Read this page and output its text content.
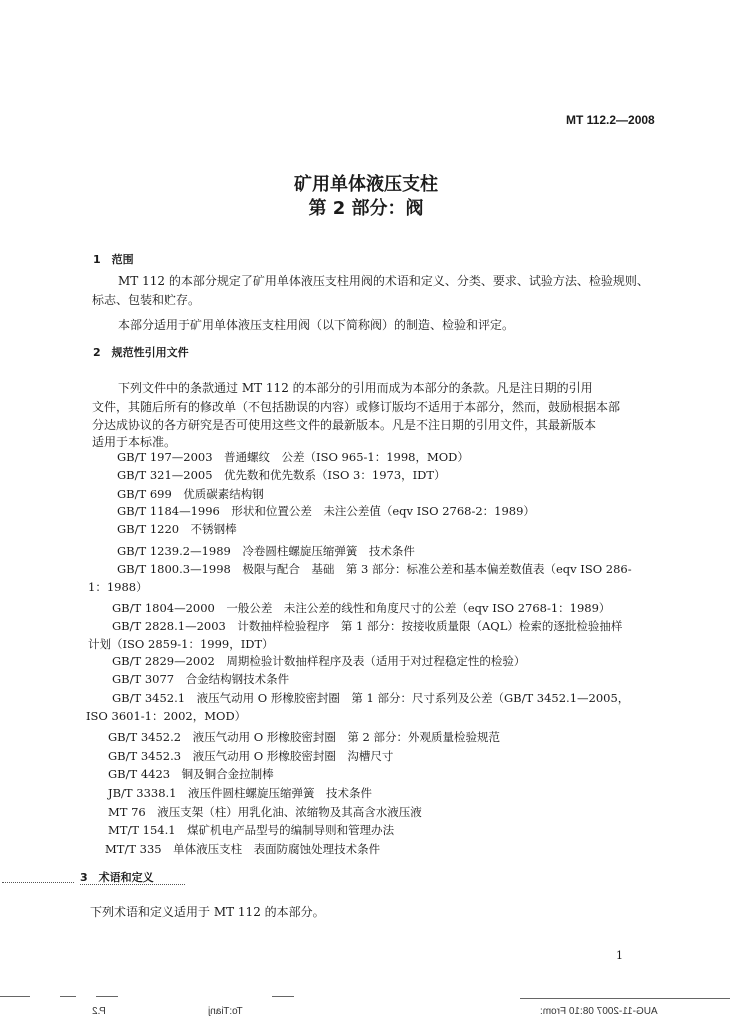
MT 112.2—2008
矿用单体液压支柱
第 2 部分：阀
1　范围
MT 112 的本部分规定了矿用单体液压支柱用阀的术语和定义、分类、要求、试验方法、检验规则、
标志、包装和贮存。
本部分适用于矿用单体液压支柱用阀（以下简称阀）的制造、检验和评定。
2　规范性引用文件
下列文件中的条款通过 MT 112 的本部分的引用而成为本部分的条款。凡是注日期的引用
文件，其随后所有的修改单（不包括勘误的内容）或修订版均不适用于本部分，然而，鼓励根据本部
分达成协议的各方研究是否可使用这些文件的最新版本。凡是不注日期的引用文件，其最新版本
适用于本标准。
GB/T 197—2003　普通螺纹　公差（ISO 965-1：1998，MOD）
GB/T 321—2005　优先数和优先数系（ISO 3：1973，IDT）
GB/T 699　优质碳素结构钢
GB/T 1184—1996　形状和位置公差　未注公差值（eqv ISO 2768-2：1989）
GB/T 1220　不锈钢棒
GB/T 1239.2—1989　冷卷圆柱螺旋压缩弹簧　技术条件
GB/T 1800.3—1998　极限与配合　基础　第 3 部分：标准公差和基本偏差数值表（eqv ISO 286-
1：1988）
GB/T 1804—2000　一般公差　未注公差的线性和角度尺寸的公差（eqv ISO 2768-1：1989）
GB/T 2828.1—2003　计数抽样检验程序　第 1 部分：按接收质量限（AQL）检索的逐批检验抽样
计划（ISO 2859-1：1999，IDT）
GB/T 2829—2002　周期检验计数抽样程序及表（适用于对过程稳定性的检验）
GB/T 3077　合金结构钢技术条件
GB/T 3452.1　液压气动用 O 形橡胶密封圈　第 1 部分：尺寸系列及公差（GB/T 3452.1—2005，
ISO 3601-1：2002，MOD）
GB/T 3452.2　液压气动用 O 形橡胶密封圈　第 2 部分：外观质量检验规范
GB/T 3452.3　液压气动用 O 形橡胶密封圈　沟槽尺寸
GB/T 4423　铜及铜合金拉制棒
JB/T 3338.1　液压件圆柱螺旋压缩弹簧　技术条件
MT 76　液压支架（柱）用乳化油、浓缩物及其高含水液压液
MT/T 154.1　煤矿机电产品型号的编制导则和管理办法
MT/T 335　单体液压支柱　表面防腐蚀处理技术条件
3　术语和定义
下列术语和定义适用于 MT 112 的本部分。
1
P.2	To:Tianj	AUG-11-2007 08:10 From:
